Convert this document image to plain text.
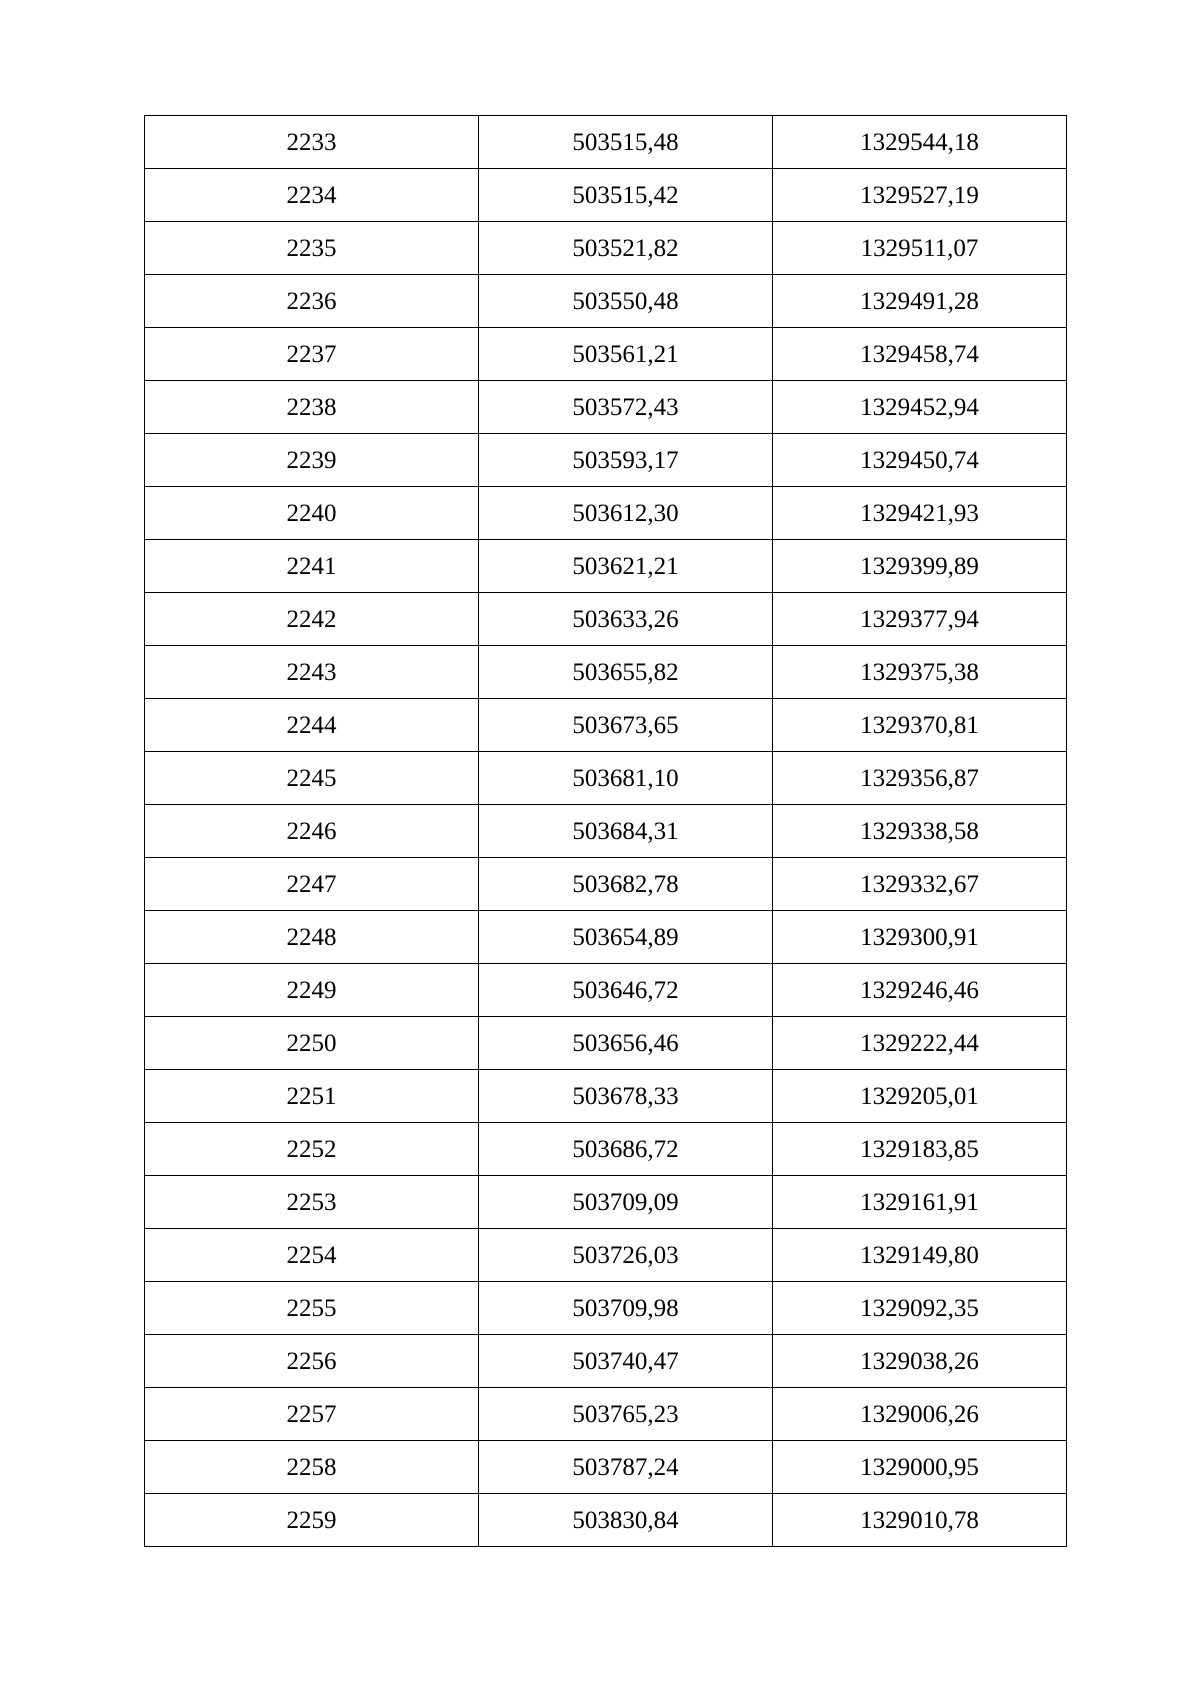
2233	503515,48	1329544,18
2234	503515,42	1329527,19
2235	503521,82	1329511,07
2236	503550,48	1329491,28
2237	503561,21	1329458,74
2238	503572,43	1329452,94
2239	503593,17	1329450,74
2240	503612,30	1329421,93
2241	503621,21	1329399,89
2242	503633,26	1329377,94
2243	503655,82	1329375,38
2244	503673,65	1329370,81
2245	503681,10	1329356,87
2246	503684,31	1329338,58
2247	503682,78	1329332,67
2248	503654,89	1329300,91
2249	503646,72	1329246,46
2250	503656,46	1329222,44
2251	503678,33	1329205,01
2252	503686,72	1329183,85
2253	503709,09	1329161,91
2254	503726,03	1329149,80
2255	503709,98	1329092,35
2256	503740,47	1329038,26
2257	503765,23	1329006,26
2258	503787,24	1329000,95
2259	503830,84	1329010,78
